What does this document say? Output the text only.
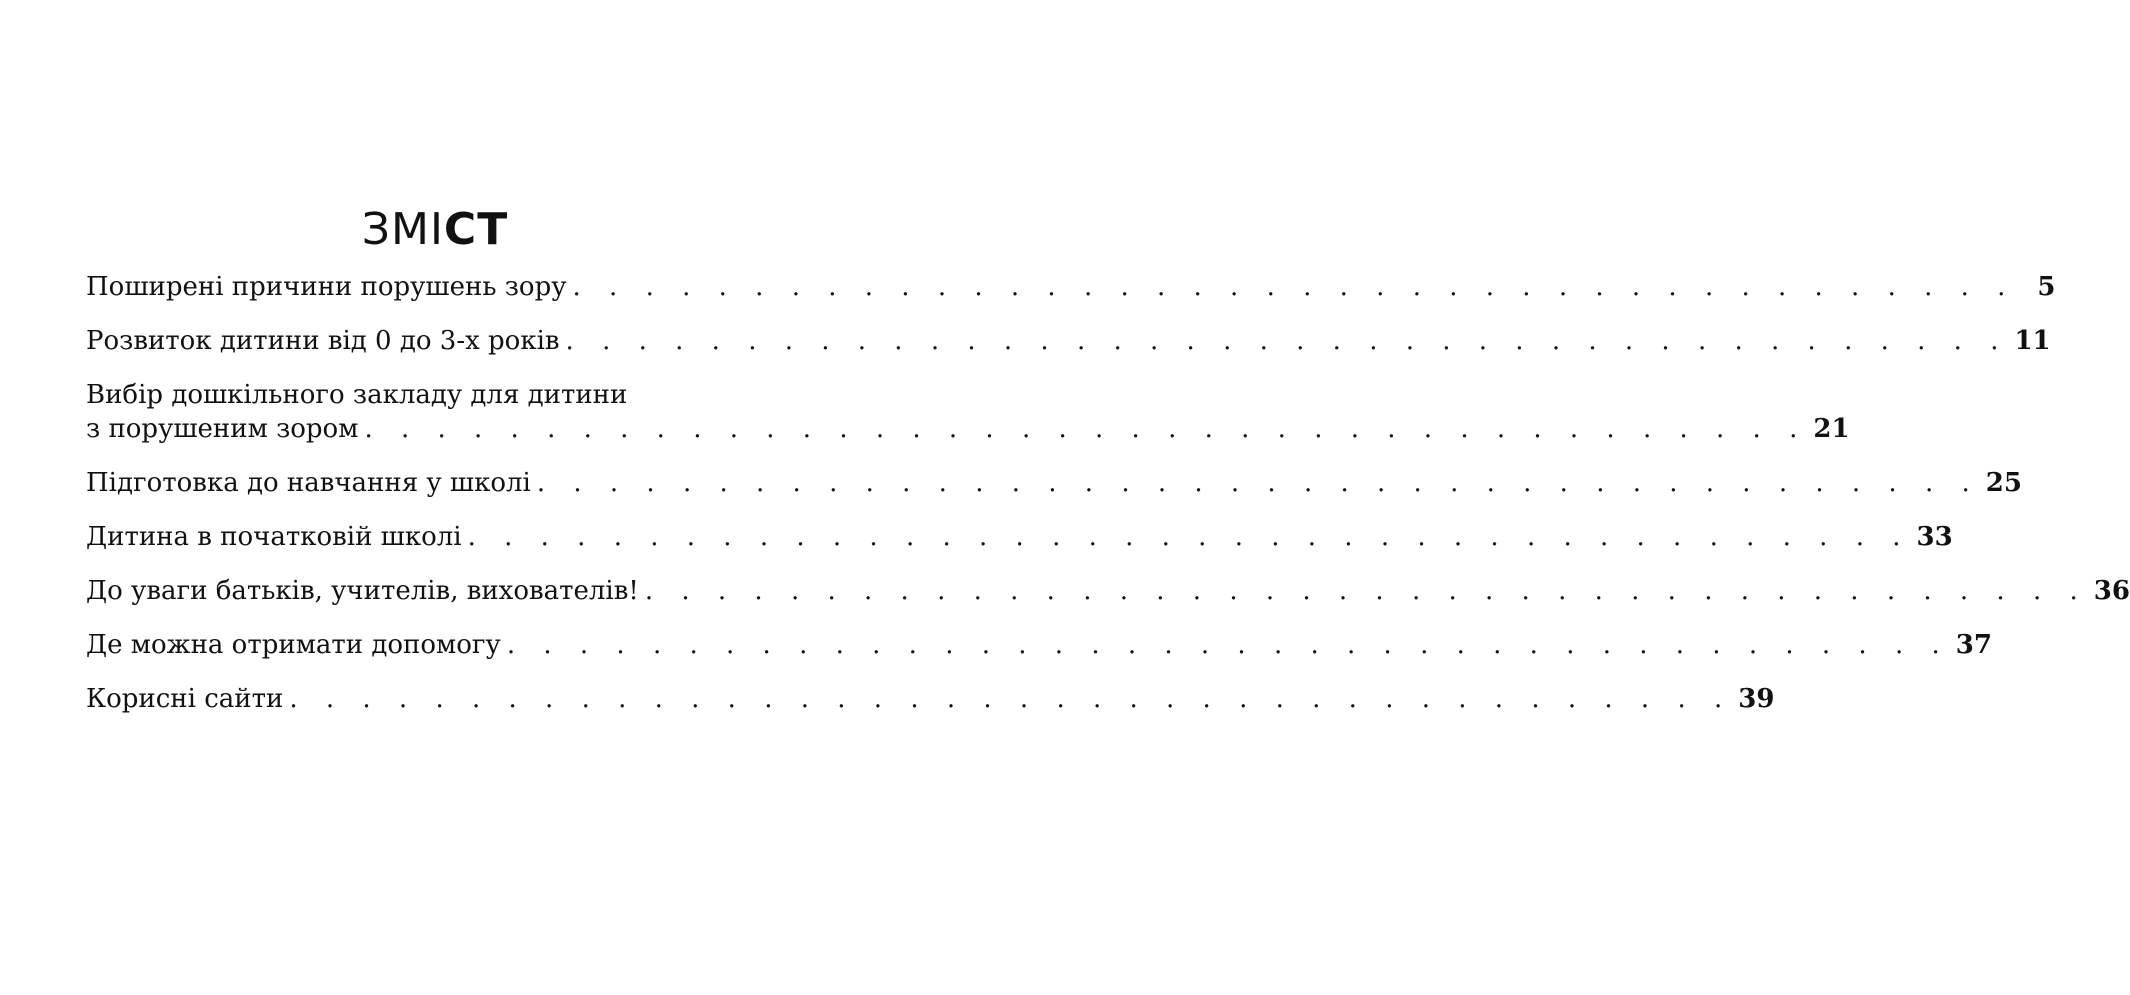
ЗМІСТ
Поширені причини порушень зору . . . . . . . . . . . . . . . . . . . . . . . . . . . . . . . . . . . . . . . . 5
Розвиток дитини від 0 до 3-х років . . . . . . . . . . . . . . . . . . . . . . . . . . . . . . . . . . . . . . . . 11
Вибір дошкільного закладу для дитини
з порушеним зором . . . . . . . . . . . . . . . . . . . . . . . . . . . . . . . . . . . . . . . . 21
Підготовка до навчання у школі . . . . . . . . . . . . . . . . . . . . . . . . . . . . . . . . . . . . . . . . 25
Дитина в початковій школі . . . . . . . . . . . . . . . . . . . . . . . . . . . . . . . . . . . . . . . . 33
До уваги батьків, учителів, вихователів! . . . . . . . . . . . . . . . . . . . . . . . . . . . . . . . . . . . . . . . . 36
Де можна отримати допомогу . . . . . . . . . . . . . . . . . . . . . . . . . . . . . . . . . . . . . . . . 37
Корисні сайти . . . . . . . . . . . . . . . . . . . . . . . . . . . . . . . . . . . . . . . . 39
